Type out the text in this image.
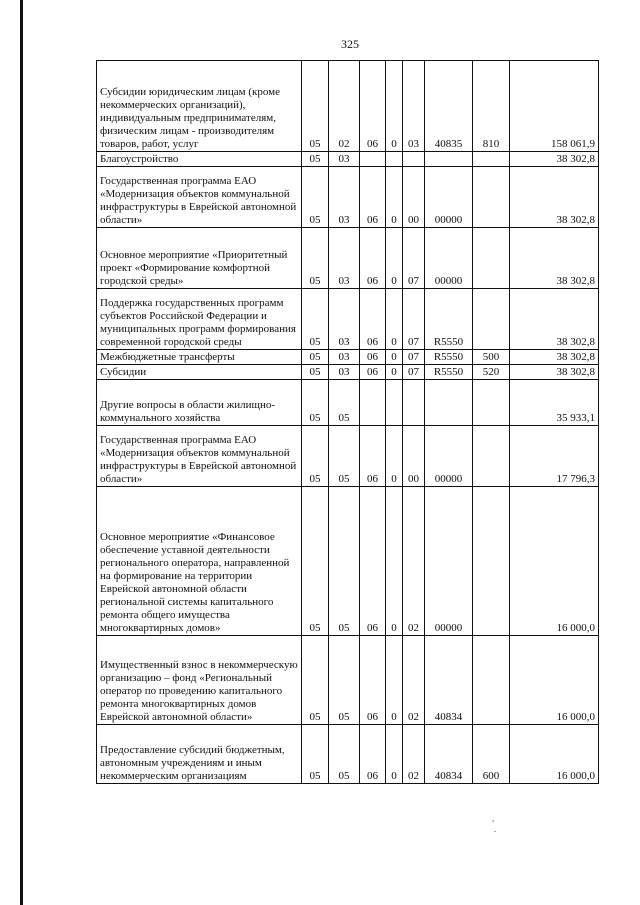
325
Субсидии юридическим лицам (кроме некоммерческих организаций), индивидуальным предпринимателям, физическим лицам - производителям товаров, работ, услуг	05	02	06	0	03	40835	810	158 061,9
Благоустройство	05	03						38 302,8
Государственная программа ЕАО «Модернизация объектов коммунальной инфраструктуры в Еврейской автономной области»	05	03	06	0	00	00000		38 302,8
Основное мероприятие «Приоритетный проект «Формирование комфортной городской среды»	05	03	06	0	07	00000		38 302,8
Поддержка государственных программ субъектов Российской Федерации и муниципальных программ формирования современной городской среды	05	03	06	0	07	R5550		38 302,8
Межбюджетные трансферты	05	03	06	0	07	R5550	500	38 302,8
Субсидии	05	03	06	0	07	R5550	520	38 302,8
Другие вопросы в области жилищно-коммунального хозяйства	05	05						35 933,1
Государственная программа ЕАО «Модернизация объектов коммунальной инфраструктуры в Еврейской автономной области»	05	05	06	0	00	00000		17 796,3
Основное мероприятие «Финансовое обеспечение уставной деятельности регионального оператора, направленной на формирование на территории Еврейской автономной области региональной системы капитального ремонта общего имущества многоквартирных домов»	05	05	06	0	02	00000		16 000,0
Имущественный взнос в некоммерческую организацию – фонд «Региональный оператор по проведению капитального ремонта многоквартирных домов Еврейской автономной области»	05	05	06	0	02	40834		16 000,0
Предоставление субсидий бюджетным, автономным учреждениям и иным некоммерческим организациям	05	05	06	0	02	40834	600	16 000,0
,
.
